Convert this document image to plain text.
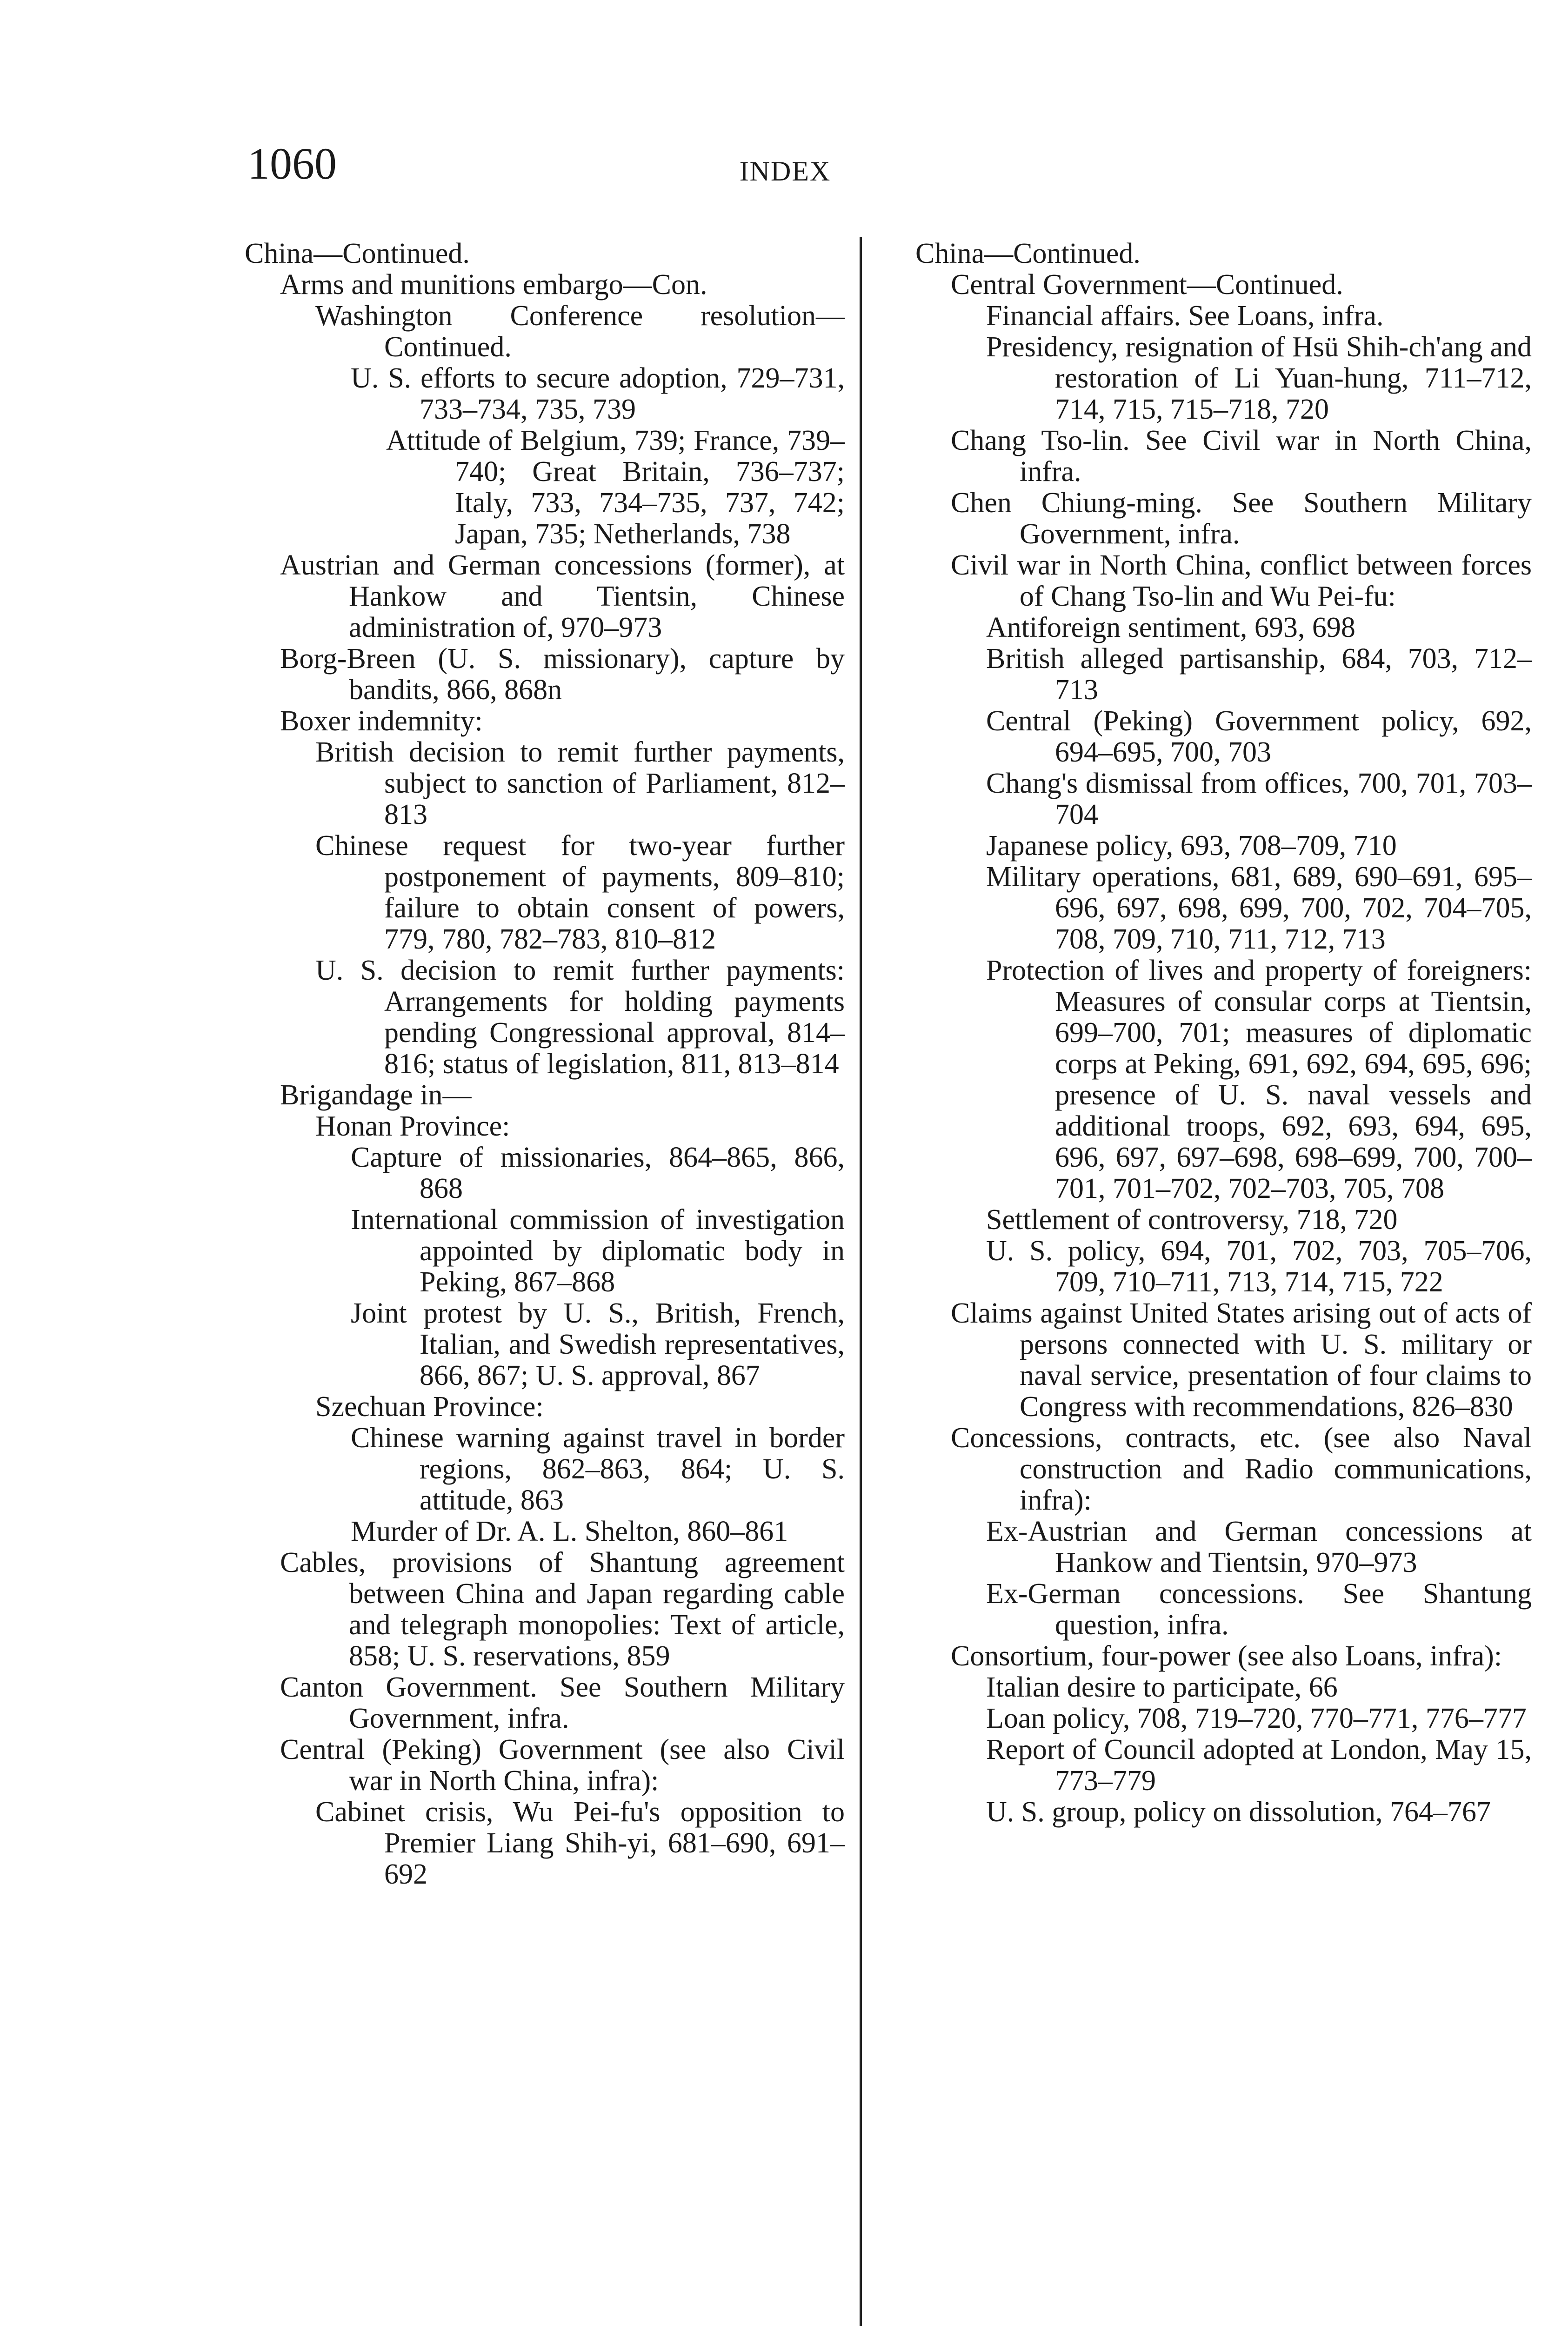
1060	INDEX

China—Continued.

Arms and munitions embargo—Con.

Washington Conference resolution—Continued.

U. S. efforts to secure adoption, 729–731, 733–734, 735, 739

Attitude of Belgium, 739; France, 739–740; Great Britain, 736–737; Italy, 733, 734–735, 737, 742; Japan, 735; Netherlands, 738

Austrian and German concessions (former), at Hankow and Tientsin, Chinese administration of, 970–973

Borg-Breen (U. S. missionary), capture by bandits, 866, 868n

Boxer indemnity:

British decision to remit further payments, subject to sanction of Parliament, 812–813

Chinese request for two-year further postponement of payments, 809–810; failure to obtain consent of powers, 779, 780, 782–783, 810–812

U. S. decision to remit further payments: Arrangements for holding payments pending Congressional approval, 814–816; status of legislation, 811, 813–814

Brigandage in—

Honan Province:

Capture of missionaries, 864–865, 866, 868

International commission of investigation appointed by diplomatic body in Peking, 867–868

Joint protest by U. S., British, French, Italian, and Swedish representatives, 866, 867; U. S. approval, 867

Szechuan Province:

Chinese warning against travel in border regions, 862–863, 864; U. S. attitude, 863

Murder of Dr. A. L. Shelton, 860–861

Cables, provisions of Shantung agreement between China and Japan regarding cable and telegraph monopolies: Text of article, 858; U. S. reservations, 859

Canton Government. See Southern Military Government, infra.

Central (Peking) Government (see also Civil war in North China, infra):

Cabinet crisis, Wu Pei-fu's opposition to Premier Liang Shih-yi, 681–690, 691–692

China—Continued.

Central Government—Continued.

Financial affairs. See Loans, infra.

Presidency, resignation of Hsü Shih-ch'ang and restoration of Li Yuan-hung, 711–712, 714, 715, 715–718, 720

Chang Tso-lin. See Civil war in North China, infra.

Chen Chiung-ming. See Southern Military Government, infra.

Civil war in North China, conflict between forces of Chang Tso-lin and Wu Pei-fu:

Antiforeign sentiment, 693, 698

British alleged partisanship, 684, 703, 712–713

Central (Peking) Government policy, 692, 694–695, 700, 703

Chang's dismissal from offices, 700, 701, 703–704

Japanese policy, 693, 708–709, 710

Military operations, 681, 689, 690–691, 695–696, 697, 698, 699, 700, 702, 704–705, 708, 709, 710, 711, 712, 713

Protection of lives and property of foreigners: Measures of consular corps at Tientsin, 699–700, 701; measures of diplomatic corps at Peking, 691, 692, 694, 695, 696; presence of U. S. naval vessels and additional troops, 692, 693, 694, 695, 696, 697, 697–698, 698–699, 700, 700–701, 701–702, 702–703, 705, 708

Settlement of controversy, 718, 720

U. S. policy, 694, 701, 702, 703, 705–706, 709, 710–711, 713, 714, 715, 722

Claims against United States arising out of acts of persons connected with U. S. military or naval service, presentation of four claims to Congress with recommendations, 826–830

Concessions, contracts, etc. (see also Naval construction and Radio communications, infra):

Ex-Austrian and German concessions at Hankow and Tientsin, 970–973

Ex-German concessions. See Shantung question, infra.

Consortium, four-power (see also Loans, infra):

Italian desire to participate, 66

Loan policy, 708, 719–720, 770–771, 776–777

Report of Council adopted at London, May 15, 773–779

U. S. group, policy on dissolution, 764–767
